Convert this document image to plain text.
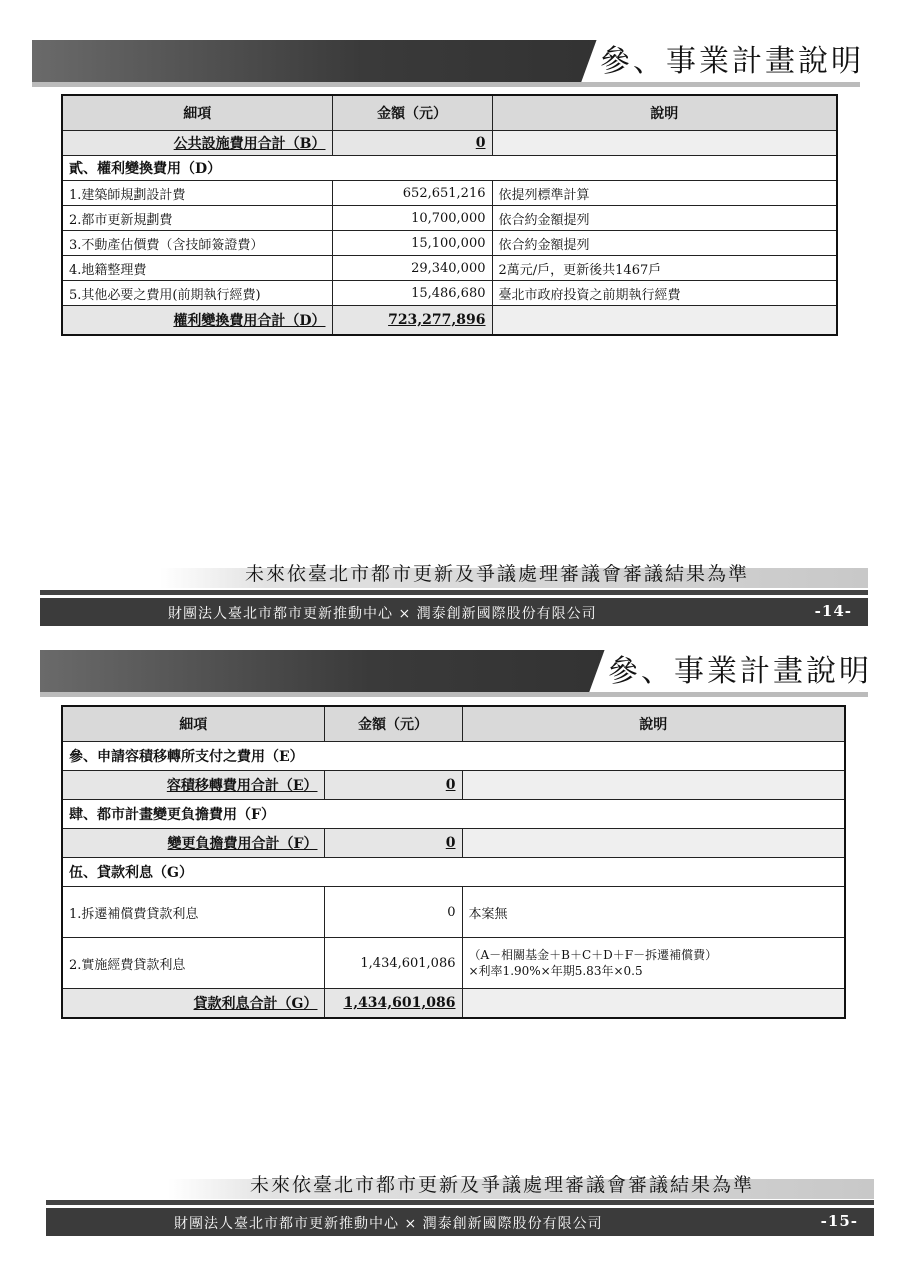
參、事業計畫說明
細項	金額（元）	說明
公共設施費用合計（B）	0	
貳、權利變換費用（D）		
1.建築師規劃設計費	652,651,216	依提列標準計算
2.都市更新規劃費	10,700,000	依合約金額提列
3.不動產估價費（含技師簽證費）	15,100,000	依合約金額提列
4.地籍整理費	29,340,000	2萬元/戶，更新後共1467戶
5.其他必要之費用(前期執行經費)	15,486,680	臺北市政府投資之前期執行經費
權利變換費用合計（D）	723,277,896	
未來依臺北市都市更新及爭議處理審議會審議結果為準
財團法人臺北市都市更新推動中心 × 潤泰創新國際股份有限公司	-14-
參、事業計畫說明
細項	金額（元）	說明
參、申請容積移轉所支付之費用（E）		
容積移轉費用合計（E）	0	
肆、都市計畫變更負擔費用（F）		
變更負擔費用合計（F）	0	
伍、貸款利息（G）		
1.拆遷補償費貸款利息	0	本案無
2.實施經費貸款利息	1,434,601,086	（A－相關基金＋B＋C＋D＋F－拆遷補償費）
×利率1.90%×年期5.83年×0.5

貸款利息合計（G）	1,434,601,086	
未來依臺北市都市更新及爭議處理審議會審議結果為準
財團法人臺北市都市更新推動中心 × 潤泰創新國際股份有限公司	-15-
